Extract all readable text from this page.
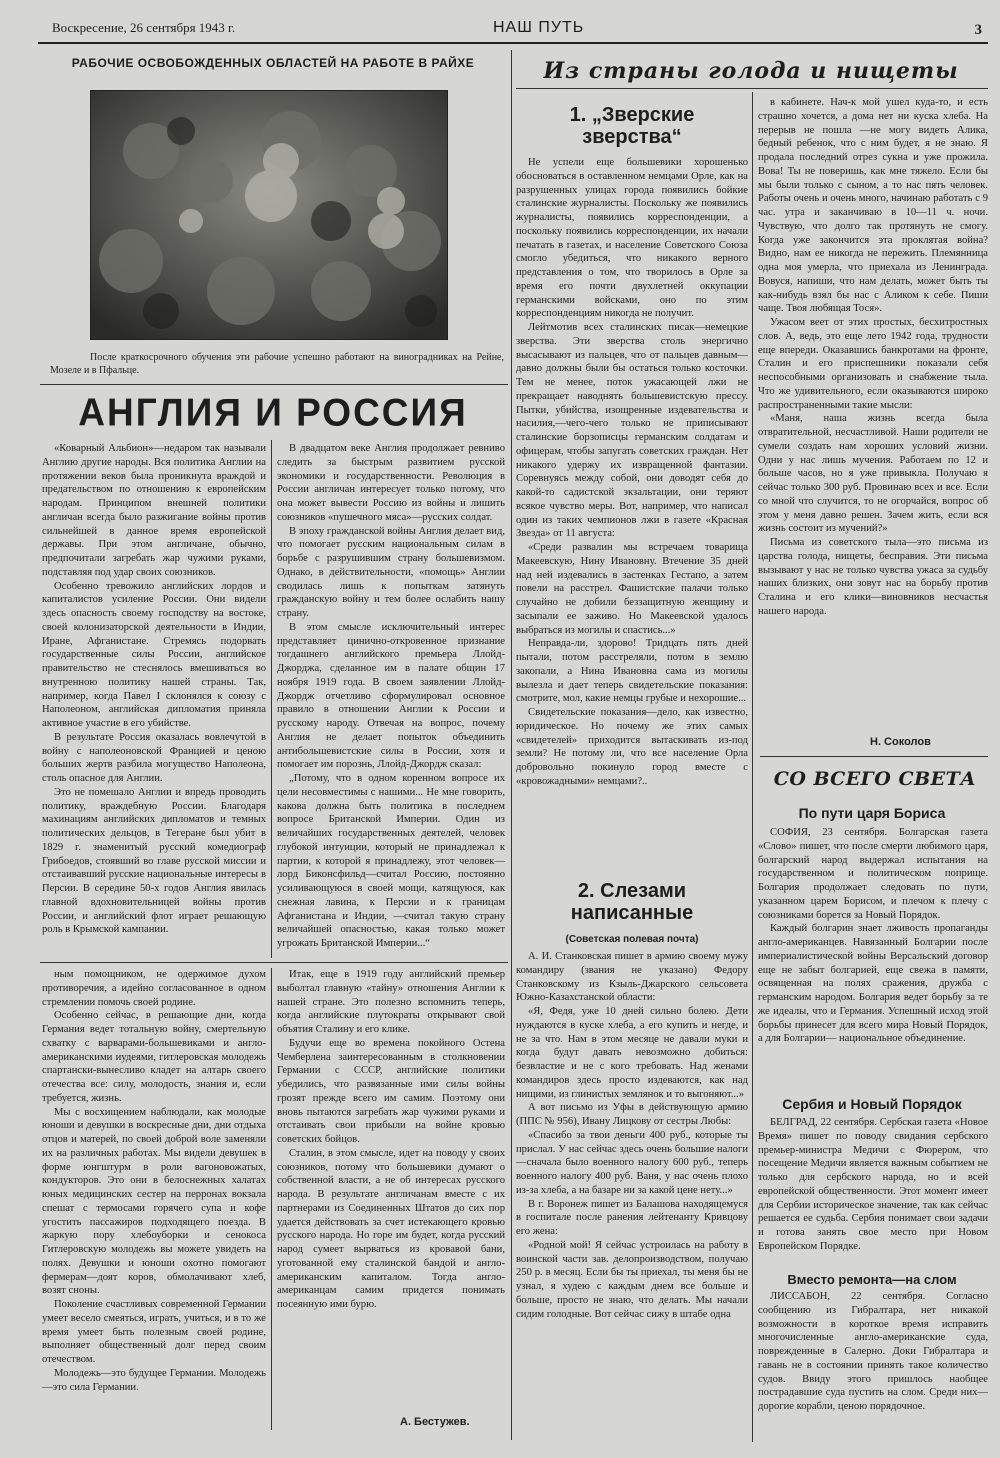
Воскресение, 26 сентября 1943 г.	НАШ ПУТЬ	3
РАБОЧИЕ ОСВОБОЖДЕННЫХ ОБЛАСТЕЙ НА РАБОТЕ В РАЙХЕ
После краткосрочного обучения эти рабочие успешно работают на виноградниках на Рейне, Мозеле и в Пфальце.
АНГЛИЯ И РОССИЯ

«Коварный Альбион»—недаром так называли Англию другие народы. Вся политика Англии на протяжении веков была проникнута враждой и предательством по отношению к европейским народам. Принципом внешней политики англичан всегда было разжигание войны против сильнейшей в данное время европейской державы. При этом англичане, обычно, предпочитали загребать жар чужими руками, подставляя под удар своих союзников.

Особенно тревожило английских лордов и капиталистов усиление России. Они видели здесь опасность своему господству на востоке, своей колонизаторской деятельности в Индии, Иране, Афганистане. Стремясь подорвать государственные силы России, английское правительство не стеснялось вмешиваться во внутренною политику нашей страны. Так, например, когда Павел I склонялся к союзу с Наполеоном, английская дипломатия приняла активное участие в его убийстве.

В результате Россия оказалась вовлечутой в войну с наполеоновской Францией и ценою больших жертв разбила могущество Наполеона, столь опасное для Англии.

Это не помешало Англии и впредь проводить политику, враждебную России. Благодаря махинациям английских дипломатов и темных политических дельцов, в Тегеране был убит в 1829 г. знаменитый русский комедиограф Грибоедов, стоявший во главе русской миссии и отстаивавший русские национальные интересы в Персии. В середине 50-х годов Англия явилась главной вдохновительницей войны против России, и английский флот играет решающую роль в Крымской кампании.

В двадцатом веке Англия продолжает ревниво следить за быстрым развитием русской экономики и государственности. Революция в России англичан интересует только потому, что она может вывести Россию из войны и лишить союзников «пушечного мяса»—русских солдат.

В эпоху гражданской войны Англия делает вид, что помогает русским национальным силам в борьбе с разрушившим страну большевизмом. Однако, в действительности, «помощь» Англии сводилась лишь к попыткам затянуть гражданскую войну и тем более ослабить нашу страну.

В этом смысле исключительный интерес представляет цинично-откровенное признание тогдашнего английского премьера Ллойд-Джорджа, сделанное им в палате общин 17 ноября 1919 года. В своем заявлении Ллойд-Джордж отчетливо сформулировал основное правило в отношении Англии к России и русскому народу. Отвечая на вопрос, почему Англия не делает попыток объединить антибольшевистские силы в России, хотя и помогает им порознь, Ллойд-Джордж сказал:

„Потому, что в одном коренном вопросе их цели несовместимы с нашими... Не мне говорить, какова должна быть политика в последнем вопросе Британской Империи. Один из величайших государственных деятелей, человек глубокой интуиции, который не принадлежал к партии, к которой я принадлежу, этот человек—лорд Биконсфильд—считал Россию, постоянно усиливающуюся в своей мощи, катящуюся, как снежная лавина, к Персии и к границам Афганистана и Индии, —считал такую страну величайшей опасностью, какая только может угрожать Британской Империи...“

ным помощником, не одержимое духом противоречия, а идейно согласованное в одном стремлении помочь своей родине.

Особенно сейчас, в решающие дни, когда Германия ведет тотальную войну, смертельную схватку с варварами-большевиками и англо-американскими иудеями, гитлеровская молодежь спартански-вынесливо кладет на алтарь своего отечества все: силу, молодость, знания и, если требуется, жизнь.

Мы с восхищением наблюдали, как молодые юноши и девушки в воскресные дни, дни отдыха отцов и матерей, по своей доброй воле заменяли их на различных работах. Мы видели девушек в форме юнгштурм в роли вагоновожатых, кондукторов. Это они в белоснежных халатах юных медицинских сестер на перронах вокзала спешат с термосами горячего супа и кофе угостить пассажиров подходящего поезда. В жаркую пору хлебоуборки и сенокоса Гитлеровскую молодежь вы можете увидеть на полях. Девушки и юноши охотно помогают фермерам—доят коров, обмолачивают хлеб, возят сноны.

Поколение счастливых современной Германии умеет весело смеяться, играть, учиться, и в то же время умеет быть полезным своей родине, выполняет общественный долг перед своим отечеством.

Молодежь—это будущее Германии. Молодежь—это сила Германии.

Итак, еще в 1919 году английский премьер выболтал главную «тайну» отношения Англии к нашей стране. Это полезно вспомнить теперь, когда английские плутократы открывают свой объятия Сталину и его клике.

Будучи еще во времена покойного Остена Чемберлена заинтересованным в столкновении Германии с СССР, английские политики убедились, что развязанные ими силы войны грозят прежде всего им самим. Поэтому они вновь пытаются загребать жар чужими руками и отстаивать свои прибыли на войне кровью советских бойцов.

Сталин, в этом смысле, идет на поводу у своих союзников, потому что большевики думают о собственной власти, а не об интересах русского народа. В результате англичанам вместе с их партнерами из Соединенных Штатов до сих пор удается действовать за счет истекающего кровью русского народа. Но горе им будет, когда русский народ сумеет вырваться из кровавой бани, уготованной ему сталинской бандой и англо-американским капиталом. Тогда англо-американцам самим придется понимать посеянную ими бурю.

А. Бестужев.
Из страны голода и нищеты
1. „Зверские
зверства“

Не успели еще большевики хорошенько обосноваться в оставленном немцами Орле, как на разрушенных улицах города появились бойкие сталинские журналисты. Поскольку же появились журналисты, появились корреспонденции, а поскольку появились корреспонденции, их начали печатать в газетах, и население Советского Союза смогло убедиться, что никакого верного представления о том, что творилось в Орле за время его почти двухлетней оккупации германскими войсками, оно по этим корреспонденциям никогда не получит.

Лейтмотив всех сталинских писак—немецкие зверства. Эти зверства столь энергично высасывают из пальцев, что от пальцев давным—давно должны были бы остаться только косточки. Тем не менее, поток ужасающей лжи не прекращает наводнять большевистскую прессу. Пытки, убийства, изощренные издевательства и насилия,—чего-чего только не приписывают сталинские борзописцы германским солдатам и офицерам, чтобы запугать советских граждан. Нет никакого удержу их извращенной фантазии. Соревнуясь между собой, они доводят себя до какой-то садистской экзальтации, они теряют всякое чувство меры. Вот, например, что написал один из таких чемпионов лжи в газете «Красная Звезда» от 11 августа:

«Среди развалин мы встречаем товарища Макеевскую, Нину Ивановну. Втечение 35 дней над ней издевались в застенках Гестапо, а затем повели на расстрел. Фашистские палачи только случайно не добили беззащитную женщину и засыпали ее заживо. Но Макеевской удалось выбраться из могилы и спастись...»

Неправда-ли, здорово! Тридцать пять дней пытали, потом расстреляли, потом в землю закопали, а Нина Ивановна сама из могилы вылезла и дает теперь свидетельские показания: смотрите, мол, какие немцы грубые и нехорошие...

Свидетельские показания—дело, как известно, юридическое. Но почему же этих самых «свидетелей» приходится вытаскивать из-под земли? Не потому ли, что все население Орла добровольно покинуло город вместе с «кровожадными» немцами?..

2. Слезами
написанные
(Советская полевая почта)

А. И. Станковская пишет в армию своему мужу командиру (звания не указано) Федору Станковскому из Кзыль-Джарского сельсовета Южно-Казахстанской области:

«Я, Федя, уже 10 дней сильно болею. Дети нуждаются в куске хлеба, а его купить и негде, и не за что. Нам в этом месяце не давали муки и когда будут давать невозможно добиться: безвластие и не с кого требовать. Над женами командиров здесь просто издеваются, как над нищими, из глинистых землянок и то выгоняют...»

А вот письмо из Уфы в действующую армию (ППС № 956), Ивану Лицкову от сестры Любы:

«Спасибо за твои деньги 400 руб., которые ты прислал. У нас сейчас здесь очень большие налоги—сначала было военного налогу 600 руб., теперь военного налогу 400 руб. Ваня, у нас очень плохо из-за хлеба, а на базаре ни за какой цене нету...»

В г. Воронеж пишет из Балашова находящемуся в госпитале после ранения лейтенанту Кривцову его жена:

«Родной мой! Я сейчас устроилась на работу в воинской части зав. делопроизводством, получаю 250 р. в месяц. Если бы ты приехал, ты меня бы не узнал, я худею с каждым днем все больше и больше, просто не знаю, что делать. Мы начали сидим голодные. Вот сейчас сижу в штабе одна

в кабинете. Нач-к мой ушел куда-то, и есть страшно хочется, а дома нет ни куска хлеба. На перерыв не пошла —не могу видеть Алика, бедный ребенок, что с ним будет, я не знаю. Я продала последний отрез сукна и уже прожила. Вова! Ты не поверишь, как мне тяжело. Если бы мы были только с сыном, а то нас пять человек. Работы очень и очень много, начинаю работать с 9 час. утра и заканчиваю в 10—11 ч. ночи. Чувствую, что долго так протянуть не смогу. Когда уже закончится эта проклятая война? Видно, нам ее никогда не пережить. Племянница одна моя умерла, что приехала из Ленинграда. Вовуся, напиши, что нам делать, может быть ты как-нибудь взял бы нас с Аликом к себе. Пиши чаще. Твоя любящая Тося».

Ужасом веет от этих простых, бесхитростных слов. А, ведь, это еще лето 1942 года, трудности еще впереди. Оказавшись банкротами на фронте, Сталин и его приспешники показали себя неспособными организовать и снабжение тыла. Что же удивительного, если оказываются широко распространенными такие мысли:

«Маня, наша жизнь всегда была отвратительной, несчастливой. Наши родители не сумели создать нам хороших условий жизни. Одни у нас лишь мучения. Работаем по 12 и больше часов, но я уже привыкла. Получаю я сейчас только 300 руб. Провинаю всех и все. Если со мной что случится, то не огорчайся, вопрос об этом у меня давно решен. Зачем жить, если вся жизнь состоит из мучений?»

Письма из советского тыла—это письма из царства голода, нищеты, бесправия. Эти письма вызывают у нас не только чувства ужаса за судьбу наших близких, они зовут нас на борьбу против Сталина и его клики—виновников несчастья нашего народа.

Н. Соколов
СО ВСЕГО СВЕТА
По пути царя Бориса

СОФИЯ, 23 сентября. Болгарская газета «Слово» пишет, что после смерти любимого царя, болгарский народ выдержал испытания на государственном и политическом поприще. Болгария продолжает следовать по пути, указанном царем Борисом, и плечом к плечу с союзниками борется за Новый Порядок.

Каждый болгарин знает лживость пропаганды англо-американцев. Навязанный Болгарии после империалистической войны Версальский договор еще не забыт болгарией, еще свежа в памяти, освященная на полях сражения, дружба с германским народом. Болгария ведет борьбу за те же идеалы, что и Германия. Успешный исход этой борьбы принесет для всего мира Новый Порядок, а для Болгарии— национальное объединение.

Сербия и Новый Порядок

БЕЛГРАД, 22 сентября. Сербская газета «Новое Время» пишет по поводу свидания сербского премьер-министра Медичи с Фюрером, что посещение Медичи является важным событием не только для сербского народа, но и всей европейской общественности. Этот момент имеет для Сербии историческое значение, так как сейчас решается ее судьба. Сербия понимает свои задачи и готова занять свое место при Новом Европейском Порядке.

Вместо ремонта—на слом

ЛИССАБОН, 22 сентября. Согласно сообщению из Гибралтара, нет никакой возможности в короткое время исправить многочисленные англо-американские суда, поврежденные в Салерно. Доки Гибралтара и гавань не в состоянии принять такое количество судов. Ввиду этого пришлось наобщее пострадавшие суда пустить на слом. Среди них—дорогие корабли, ценою порядочное.
